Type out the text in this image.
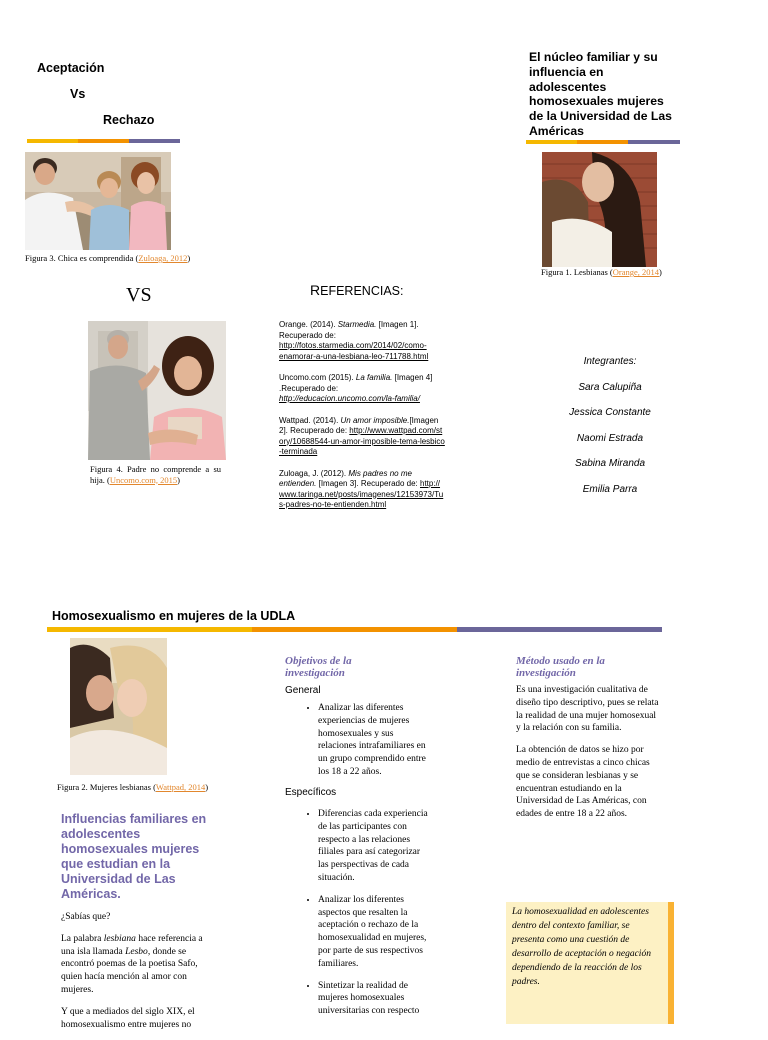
Aceptación
Vs
Rechazo
Figura 3. Chica es comprendida (Zuloaga, 2012)
VS
Figura 4. Padre no comprende a su hija. (Uncomo.com, 2015)
REFERENCIAS:

Orange. (2014). Starmedia. [Imagen 1]. Recuperado de: http://fotos.starmedia.com/2014/02/como-enamorar-a-una-lesbiana-leo-711788.html

Uncomo.com (2015). La familia. [Imagen 4] .Recuperado de: http://educacion.uncomo.com/la-familia/

Wattpad. (2014). Un amor imposible.[Imagen 2]. Recuperado de: http://www.wattpad.com/story/10688544-un-amor-imposible-tema-lesbico-terminada

Zuloaga, J. (2012). Mis padres no me entienden. [Imagen 3]. Recuperado de: http://www.taringa.net/posts/imagenes/12153973/Tus-padres-no-te-entienden.html

El núcleo familiar y su influencia en adolescentes homosexuales mujeres de la Universidad de Las Américas
Figura 1. Lesbianas (Orange, 2014)

Integrantes:

Sara Calupiña

Jessica Constante

Naomi Estrada

Sabina Miranda

Emilia Parra

Homosexualismo en mujeres de la UDLA
Figura 2. Mujeres lesbianas (Wattpad, 2014)
Influencias familiares en adolescentes homosexuales mujeres que estudian en la Universidad de Las Américas.

¿Sabías que?

La palabra lesbiana hace referencia a una isla llamada Lesbo, donde se encontró poemas de la poetisa Safo, quien hacía mención al amor con mujeres.

Y que a mediados del siglo XIX, el homosexualismo entre mujeres no

Objetivos de la investigación
General
• Analizar las diferentes experiencias de mujeres homosexuales y sus relaciones intrafamiliares en un grupo comprendido entre los 18 a 22 años.
Específicos
• Diferencias cada experiencia de las participantes con respecto a las relaciones filiales para así categorizar las perspectivas de cada situación.
• Analizar los diferentes aspectos que resalten la aceptación o rechazo de la homosexualidad en mujeres, por parte de sus respectivos familiares.
• Sintetizar la realidad de mujeres homosexuales universitarias con respecto
Método usado en la investigación

Es una investigación cualitativa de diseño tipo descriptivo, pues se relata la realidad de una mujer homosexual y la relación con su familia.

La obtención de datos se hizo por medio de entrevistas a cinco chicas que se consideran lesbianas y se encuentran estudiando en la Universidad de Las Américas, con edades de entre 18 a 22 años.

La homosexualidad en adolescentes dentro del contexto familiar, se presenta como una cuestión de desarrollo de aceptación o negación dependiendo de la reacción de los padres.
